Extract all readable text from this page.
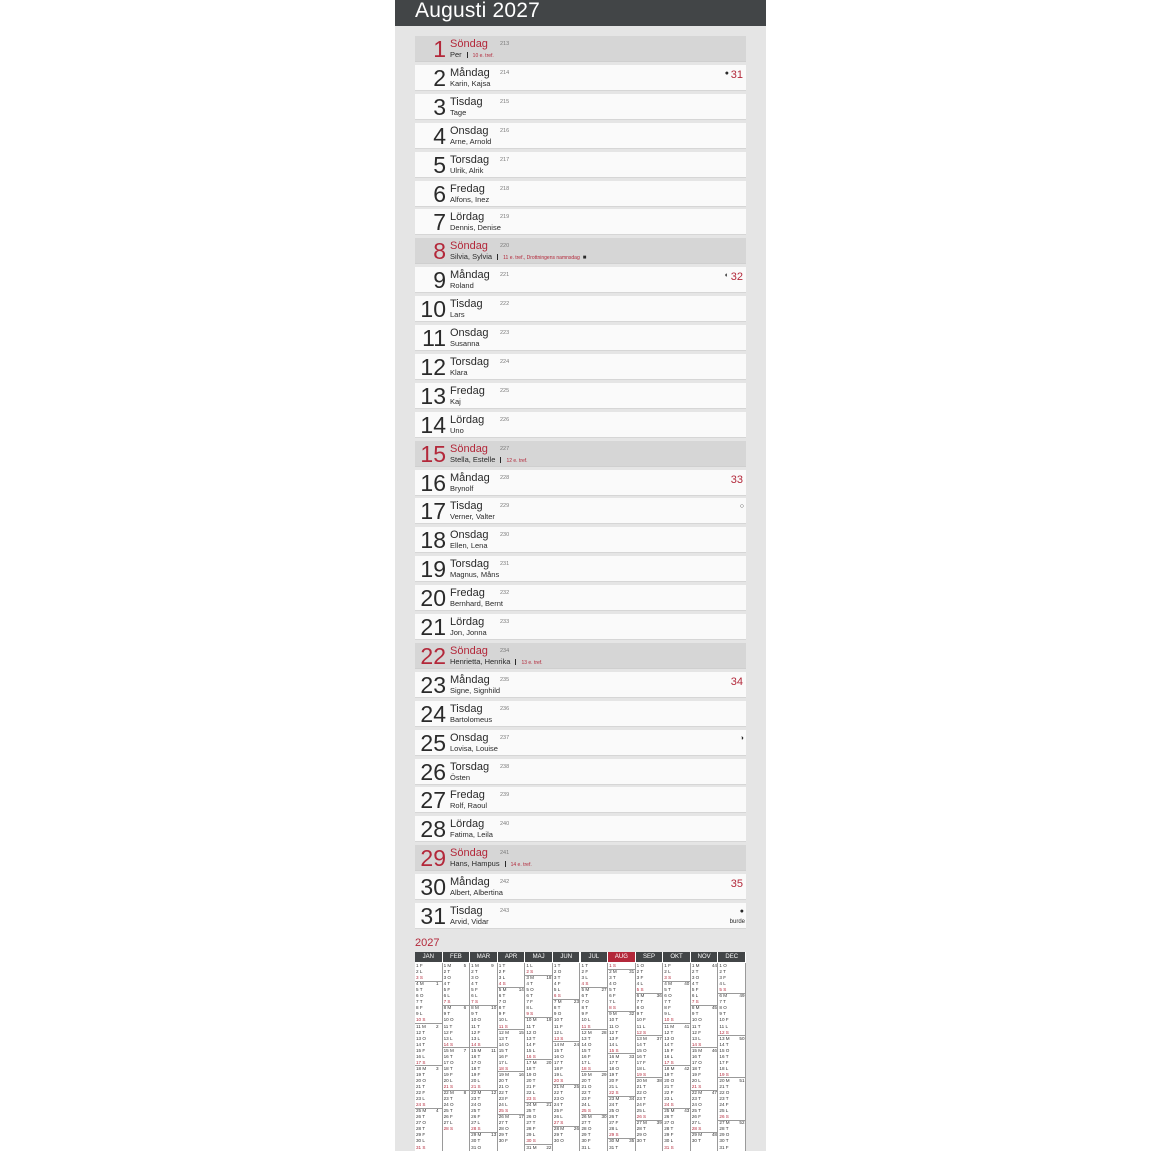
Augusti 2027
1 Söndag 213
Per 10 e. tref.
2 Måndag 214
Karin, Kajsa
31
●
3 Tisdag	215
Tage
4 Onsdag 216
Arne, Arnold
5 Torsdag 217
Ulrik, Alrik
6 Fredag	218
Alfons, Inez
7 Lördag	219
Dennis, Denise
8 Söndag 220
Silvia, Sylvia 11 e. tref., Drottningens namnsdag ■
9 Måndag 221
Roland
32
◐
10 Tisdag	222
Lars
11 Onsdag 223
Susanna
12 Torsdag 224
Klara
13 Fredag	225
Kaj
14 Lördag	226
Uno
15 Söndag 227
Stella, Estelle 12 e. tref.
16 Måndag 228
Brynolf
33
17 Tisdag	229
Verner, Valter
○
18 Onsdag 230
Ellen, Lena
19 Torsdag 231
Magnus, Måns
20 Fredag	232
Bernhard, Bernt
21 Lördag	233
Jon, Jonna
22 Söndag 234
Henrietta, Henrika 13 e. tref.
23 Måndag 235
Signe, Signhild
34
24 Tisdag	236
Bartolomeus
25 Onsdag 237
Lovisa, Louise
◑
26 Torsdag 238
Östen
27 Fredag	239
Rolf, Raoul
28 Lördag	240
Fatima, Leila
29 Söndag 241
Hans, Hampus 14 e. tref.
30 Måndag 242
Albert, Albertina
35
31 Tisdag	243
Arvid, Vidar
●
burde
2027
JAN
1 F
2 L
3 S
4 M	1
5 T
6 O
7 T
8 F
9 L
10 S
11 M 2
12 T
13 O
14 T
15 F
16 L
17 S
18 M 3
19 T
20 O
21 T
22 F
23 L
24 S
25 M 4
26 T
27 O
28 T
29 F
30 L
31 S
FEB
1 M	5
2 T
3 O
4 T
5 F
6 L
7 S
8 M	6
9 T
10 O
11 T
12 F
13 L
14 S
15 M 7
16 T
17 O
18 T
19 F
20 L
21 S
22 M 8
23 T
24 O
25 T
26 F
27 L
28 S
MAR
1 M	9
2 T
3 O
4 T
5 F
6 L
7 S
8 M	10
9 T
10 O
11 T
12 F
13 L
14 S
15 M 11
16 T
17 O
18 T
19 F
20 L
21 S
22 M 12
23 T
24 O
25 T
26 F
27 L
28 S
29 M 13
30 T
31 O
APR
1 T
2 F
3 L
4 S
5 M	14
6 T
7 O
8 T
9 F
10 L
11 S
12 M 15
13 T
14 O
15 T
16 F
17 L
18 S
19 M 16
20 T
21 O
22 T
23 F
24 L
25 S
26 M 17
27 T
28 O
29 T
30 F
MAJ
1 L
2 S
3 M	18
4 T
5 O
6 T
7 F
8 L
9 S
10 M 19
11 T
12 O
13 T
14 F
15 L
16 S
17 M 20
18 T
19 O
20 T
21 F
22 L
23 S
24 M 21
25 T
26 O
27 T
28 F
29 L
30 S
31 M 22
JUN
1 T
2 O
3 T
4 F
5 L
6 S
7 M	23
8 T
9 O
10 T
11 F
12 L
13 S
14 M 24
15 T
16 O
17 T
18 F
19 L
20 S
21 M 25
22 T
23 O
24 T
25 F
26 L
27 S
28 M 26
29 T
30 O
JUL
1 T
2 F
3 L
4 S
5 M	27
6 T
7 O
8 T
9 F
10 L
11 S
12 M 28
13 T
14 O
15 T
16 F
17 L
18 S
19 M 29
20 T
21 O
22 T
23 F
24 L
25 S
26 M 30
27 T
28 O
29 T
30 F
31 L
AUG
1 S
2 M	31
3 T
4 O
5 T
6 F
7 L
8 S
9 M	32
10 T
11 O
12 T
13 F
14 L
15 S
16 M 33
17 T
18 O
19 T
20 F
21 L
22 S
23 M 34
24 T
25 O
26 T
27 F
28 L
29 S
30 M 35
31 T
SEP
1 O
2 T
3 F
4 L
5 S
6 M	36
7 T
8 O
9 T
10 F
11 L
12 S
13 M 37
14 T
15 O
16 T
17 F
18 L
19 S
20 M 38
21 T
22 O
23 T
24 F
25 L
26 S
27 M 39
28 T
29 O
30 T
OKT
1 F
2 L
3 S
4 M	40
5 T
6 O
7 T
8 F
9 L
10 S
11 M 41
12 T
13 O
14 T
15 F
16 L
17 S
18 M 42
19 T
20 O
21 T
22 F
23 L
24 S
25 M 43
26 T
27 O
28 T
29 F
30 L
31 S
NOV
1 M	44
2 T
3 O
4 T
5 F
6 L
7 S
8 M	45
9 T
10 O
11 T
12 F
13 L
14 S
15 M 46
16 T
17 O
18 T
19 F
20 L
21 S
22 M 47
23 T
24 O
25 T
26 F
27 L
28 S
29 M 48
30 T
DEC
1 O
2 T
3 F
4 L
5 S
6 M	49
7 T
8 O
9 T
10 F
11 L
12 S
13 M 50
14 T
15 O
16 T
17 F
18 L
19 S
20 M 51
21 T
22 O
23 T
24 F
25 L
26 S
27 M 52
28 T
29 O
30 T
31 F
